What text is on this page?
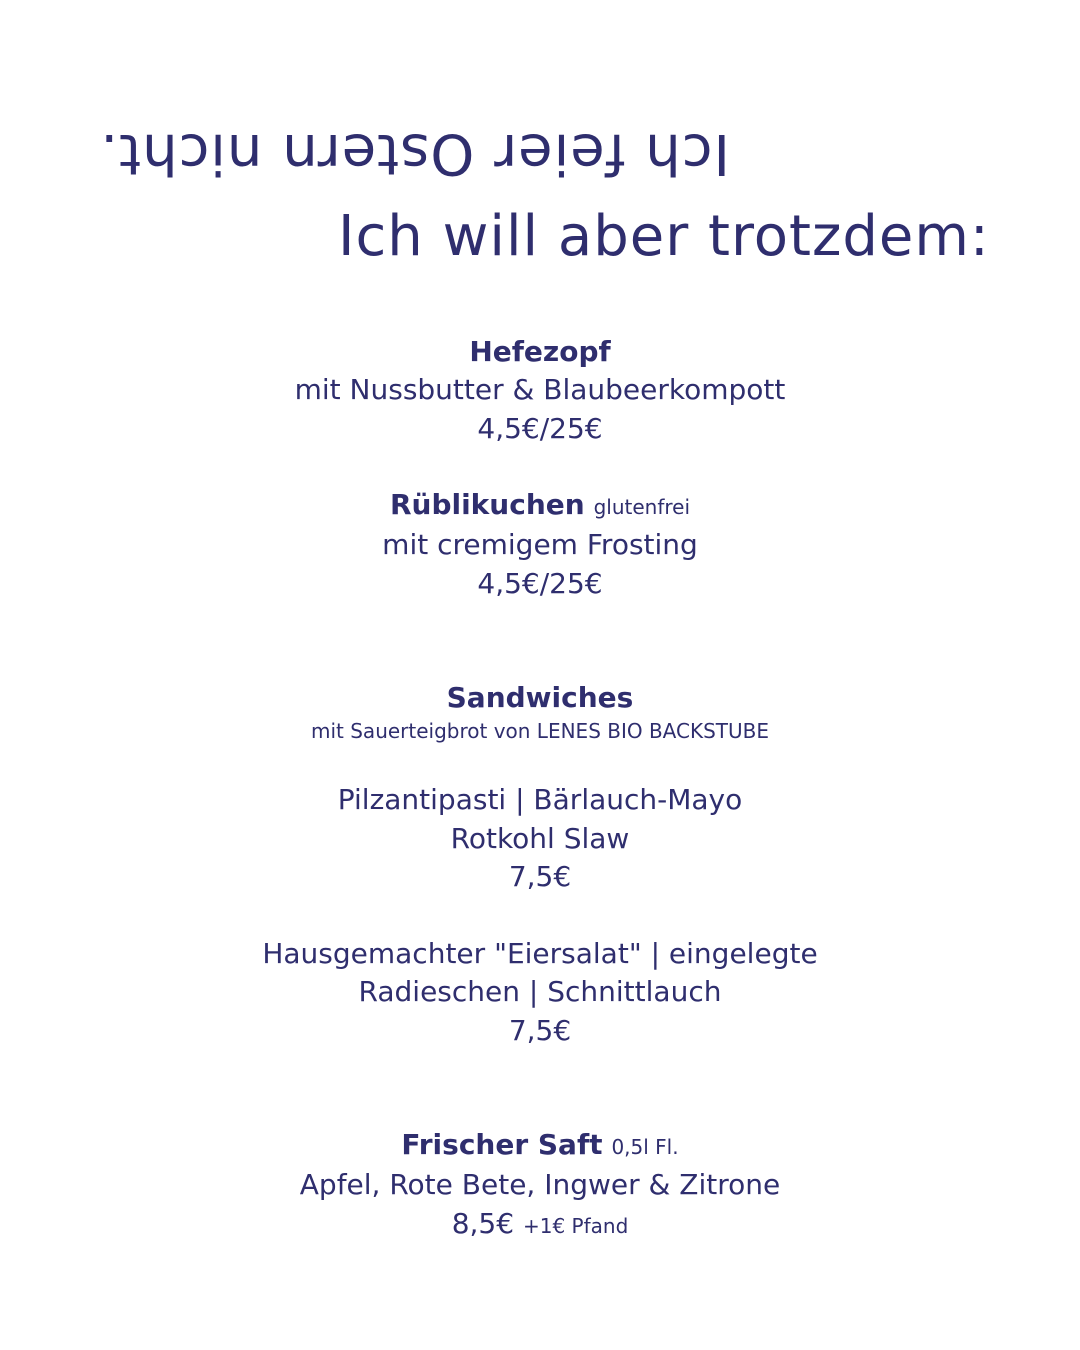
Ich feier Ostern nicht.
Ich will aber trotzdem:
Hefezopf
mit Nussbutter & Blaubeerkompott
4,5€/25€
Rüblikuchen glutenfrei
mit cremigem Frosting
4,5€/25€
Sandwiches
mit Sauerteigbrot von LENES BIO BACKSTUBE
Pilzantipasti | Bärlauch-Mayo
Rotkohl Slaw
7,5€
Hausgemachter "Eiersalat" | eingelegte
Radieschen | Schnittlauch
7,5€
Frischer Saft 0,5l Fl.
Apfel, Rote Bete, Ingwer & Zitrone
8,5€ +1€ Pfand
